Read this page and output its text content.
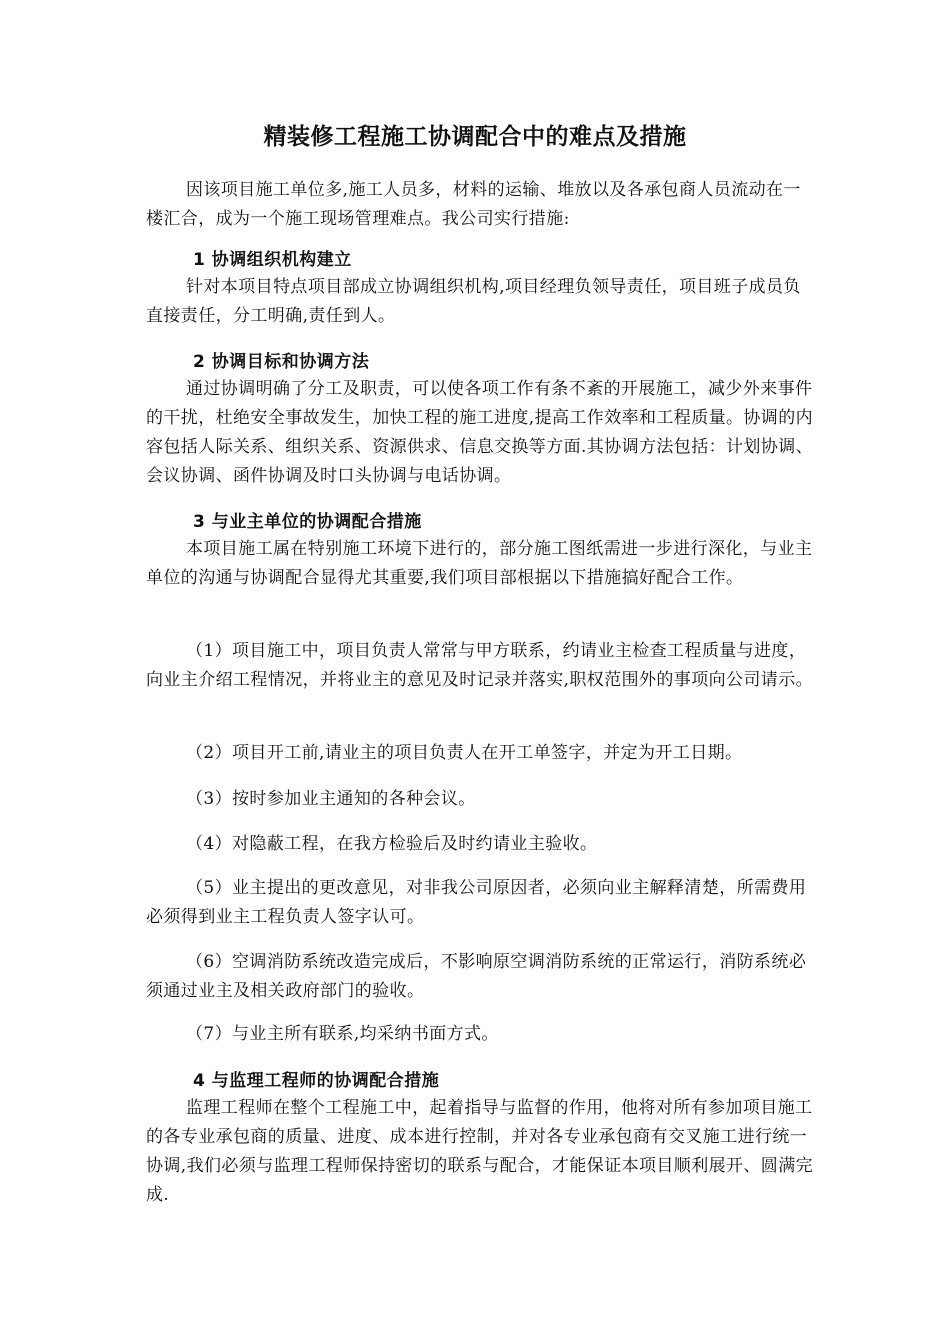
精装修工程施工协调配合中的难点及措施

因该项目施工单位多,施工人员多，材料的运输、堆放以及各承包商人员流动在一楼汇合，成为一个施工现场管理难点。我公司实行措施:

1 协调组织机构建立

针对本项目特点项目部成立协调组织机构,项目经理负领导责任，项目班子成员负直接责任，分工明确,责任到人。

2 协调目标和协调方法

通过协调明确了分工及职责，可以使各项工作有条不紊的开展施工，减少外来事件的干扰，杜绝安全事故发生，加快工程的施工进度,提高工作效率和工程质量。协调的内容包括人际关系、组织关系、资源供求、信息交换等方面.其协调方法包括：计划协调、会议协调、函件协调及时口头协调与电话协调。

3 与业主单位的协调配合措施

本项目施工属在特别施工环境下进行的，部分施工图纸需进一步进行深化，与业主单位的沟通与协调配合显得尤其重要,我们项目部根据以下措施搞好配合工作。

（1）项目施工中，项目负责人常常与甲方联系，约请业主检查工程质量与进度，向业主介绍工程情况，并将业主的意见及时记录并落实,职权范围外的事项向公司请示。

（2）项目开工前,请业主的项目负责人在开工单签字，并定为开工日期。

（3）按时参加业主通知的各种会议。

（4）对隐蔽工程，在我方检验后及时约请业主验收。

（5）业主提出的更改意见，对非我公司原因者，必须向业主解释清楚，所需费用必须得到业主工程负责人签字认可。

（6）空调消防系统改造完成后，不影响原空调消防系统的正常运行，消防系统必须通过业主及相关政府部门的验收。

（7）与业主所有联系,均采纳书面方式。

4 与监理工程师的协调配合措施

监理工程师在整个工程施工中，起着指导与监督的作用，他将对所有参加项目施工的各专业承包商的质量、进度、成本进行控制，并对各专业承包商有交叉施工进行统一协调,我们必须与监理工程师保持密切的联系与配合，才能保证本项目顺利展开、圆满完成.
